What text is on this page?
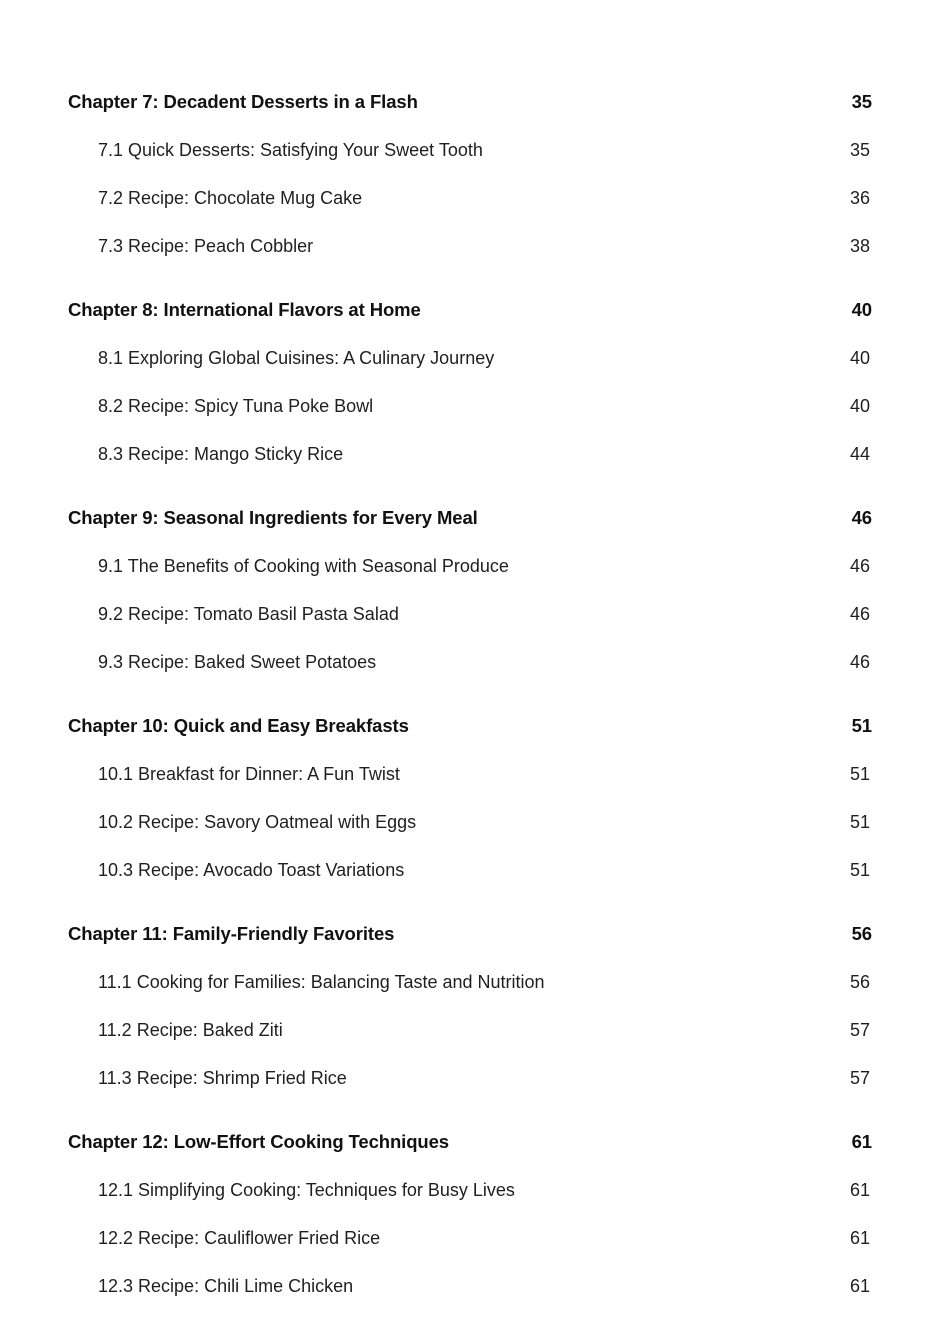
Chapter 7: Decadent Desserts in a Flash	35
7.1 Quick Desserts: Satisfying Your Sweet Tooth	35
7.2 Recipe: Chocolate Mug Cake	36
7.3 Recipe: Peach Cobbler	38
Chapter 8: International Flavors at Home	40
8.1 Exploring Global Cuisines: A Culinary Journey	40
8.2 Recipe: Spicy Tuna Poke Bowl	40
8.3 Recipe: Mango Sticky Rice	44
Chapter 9: Seasonal Ingredients for Every Meal	46
9.1 The Benefits of Cooking with Seasonal Produce	46
9.2 Recipe: Tomato Basil Pasta Salad	46
9.3 Recipe: Baked Sweet Potatoes	46
Chapter 10: Quick and Easy Breakfasts	51
10.1 Breakfast for Dinner: A Fun Twist	51
10.2 Recipe: Savory Oatmeal with Eggs	51
10.3 Recipe: Avocado Toast Variations	51
Chapter 11: Family-Friendly Favorites	56
11.1 Cooking for Families: Balancing Taste and Nutrition	56
11.2 Recipe: Baked Ziti	57
11.3 Recipe: Shrimp Fried Rice	57
Chapter 12: Low-Effort Cooking Techniques	61
12.1 Simplifying Cooking: Techniques for Busy Lives	61
12.2 Recipe: Cauliflower Fried Rice	61
12.3 Recipe: Chili Lime Chicken	61
